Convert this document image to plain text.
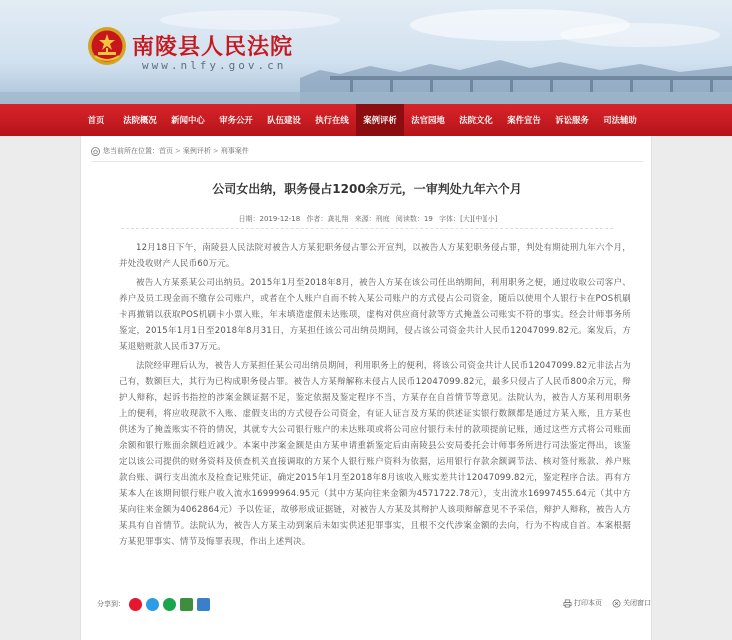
南陵县人民法院
www.nlfy.gov.cn
首页	法院概况	新闻中心	审务公开	队伍建设	执行在线	案例评析	法官园地	法院文化	案件宣告	诉讼服务	司法辅助
您当前所在位置： 首页 > 案例评析 > 刑事案件
公司女出纳，职务侵占1200余万元，一审判处九年六个月
日期：2019-12-18 作者：龚礼翔 来源：刑庭 阅读数：19 字体：[大][中][小]

12月18日下午，南陵县人民法院对被告人方某犯职务侵占罪公开宣判，以被告人方某犯职务侵占罪，判处有期徒刑九年六个月，并处没收财产人民币60万元。

被告人方某系某公司出纳员。2015年1月至2018年8月，被告人方某在该公司任出纳期间，利用职务之便，通过收取公司客户、养户及员工现金而不缴存公司账户，或者在个人账户自而不转入某公司账户的方式侵占公司资金，随后以使用个人银行卡在POS机刷卡再撤销以获取POS机刷卡小票入账，年末填造虚假未达账项，虚构对供应商付款等方式掩盖公司账实不符的事实。经会计师事务所鉴定，2015年1月1日至2018年8月31日，方某担任该公司出纳员期间，侵占该公司资金共计人民币12047099.82元。案发后，方某退赔赃款人民币37万元。

法院经审理后认为，被告人方某担任某公司出纳员期间，利用职务上的便利，将该公司资金共计人民币12047099.82元非法占为己有，数额巨大，其行为已构成职务侵占罪。被告人方某辩解称未侵占人民币12047099.82元，最多只侵占了人民币800余万元，辩护人辩称，起诉书指控的涉案金额证据不足，鉴定依据及鉴定程序不当，方某存在自首情节等意见。法院认为，被告人方某利用职务上的便利，将应收现款不入账、虚假支出的方式侵吞公司资金，有证人证言及方某的供述证实银行数额都是通过方某入账，且方某也供述为了掩盖账实不符的情况，其就专大公司银行账户的未达账项或将公司应付银行未付的款项提前记账，通过这些方式将公司账面余额和银行账面余额趋近减少。本案中涉案金额是由方某申请重新鉴定后由南陵县公安局委托会计师事务所进行司法鉴定得出，该鉴定以该公司提供的财务资料及侦查机关直接调取的方某个人银行账户资料为依据，运用银行存款余额调节法、核对签付账款、养户账款台账、调行支出流水及检查记账凭证，确定2015年1月至2018年8月该收入账实差共计12047099.82元，鉴定程序合法。再有方某本人在该期间银行账户收入流水16999964.95元（其中方某向往来金额为4571722.78元），支出流水16997455.64元（其中方某向往来金额为4062864元）予以佐证，故够形成证据链，对被告人方某及其辩护人该项辩解意见不予采信，辩护人辩称，被告人方某具有自首情节。法院认为，被告人方某主动到案后未如实供述犯罪事实，且根不交代涉案金额的去向，行为不构成自首。本案根据方某犯罪事实、情节及悔罪表现，作出上述判决。

分享到：	打印本页	关闭窗口
